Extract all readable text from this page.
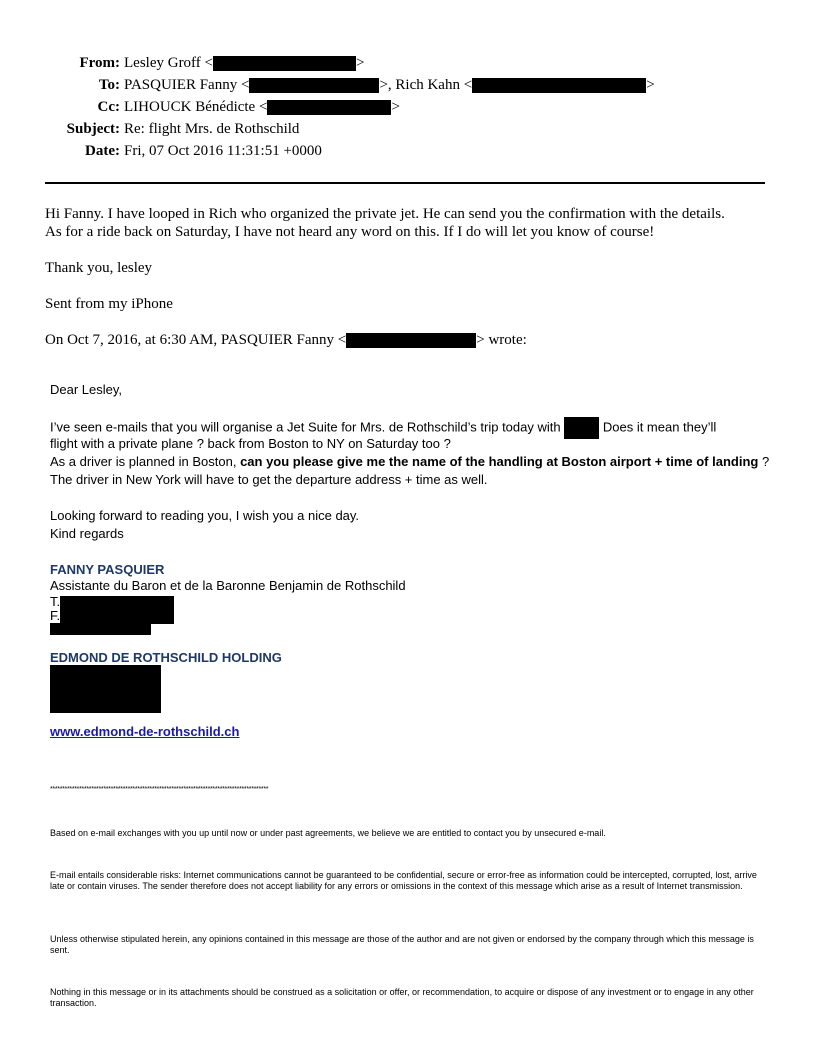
From: Lesley Groff <	>
To: PASQUIER Fanny <	>, Rich Kahn <	>
Cc: LIHOUCK Bénédicte <	>
Subject: Re: flight Mrs. de Rothschild
Date: Fri, 07 Oct 2016 11:31:51 +0000
Hi Fanny. I have looped in Rich who organized the private jet. He can send you the confirmation with the details.
As for a ride back on Saturday, I have not heard any word on this. If I do will let you know of course!
Thank you, lesley
Sent from my iPhone
On Oct 7, 2016, at 6:30 AM, PASQUIER Fanny <	> wrote:
Dear Lesley,
I’ve seen e-mails that you will organise a Jet Suite for Mrs. de Rothschild’s trip today with	Does it mean they’ll
flight with a private plane ? back from Boston to NY on Saturday too ?
As a driver is planned in Boston, can you please give me the name of the handling at Boston airport + time of landing ?
The driver in New York will have to get the departure address + time as well.
Looking forward to reading you, I wish you a nice day.
Kind regards
FANNY PASQUIER
Assistante du Baron et de la Baronne Benjamin de Rothschild
T.
F.
EDMOND DE ROTHSCHILD HOLDING
www.edmond-de-rothschild.ch
******************************************************************************************
Based on e-mail exchanges with you up until now or under past agreements, we believe we are entitled to contact you by unsecured e-mail.
E-mail entails considerable risks: Internet communications cannot be guaranteed to be confidential, secure or error-free as information could be intercepted, corrupted, lost, arrive late or contain viruses. The sender therefore does not accept liability for any errors or omissions in the context of this message which arise as a result of Internet transmission.
Unless otherwise stipulated herein, any opinions contained in this message are those of the author and are not given or endorsed by the company through which this message is sent.
Nothing in this message or in its attachments should be construed as a solicitation or offer, or recommendation, to acquire or dispose of any investment or to engage in any other transaction.
